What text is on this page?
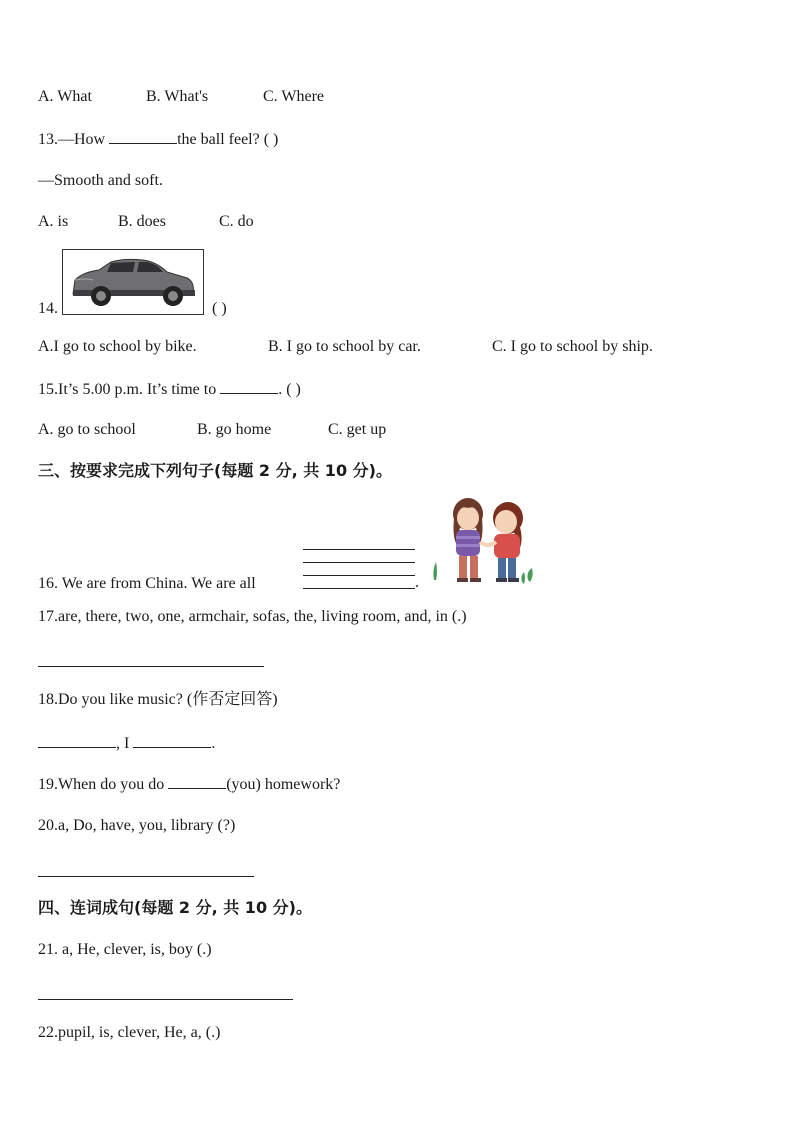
A. What	B. What's	C. Where
13.—How	the ball feel? ( )
—Smooth and soft.
A. is	B. does	C. do
14.	( )
A.I go to school by bike.	B. I go to school by car.	C. I go to school by ship.
15.It’s 5.00 p.m. It’s time to	. ( )
A. go to school	B. go home	C. get up
三、按要求完成下列句子(每题 2 分, 共 10 分)。
16. We are from China. We are all	.
17.are, there, two, one, armchair, sofas, the, living room, and, in (.)
18.Do you like music? (作否定回答)
, I	.
19.When do you do	(you) homework?
20.a, Do, have, you, library (?)
四、连词成句(每题 2 分, 共 10 分)。
21. a, He, clever, is, boy (.)
22.pupil, is, clever, He, a, (.)
